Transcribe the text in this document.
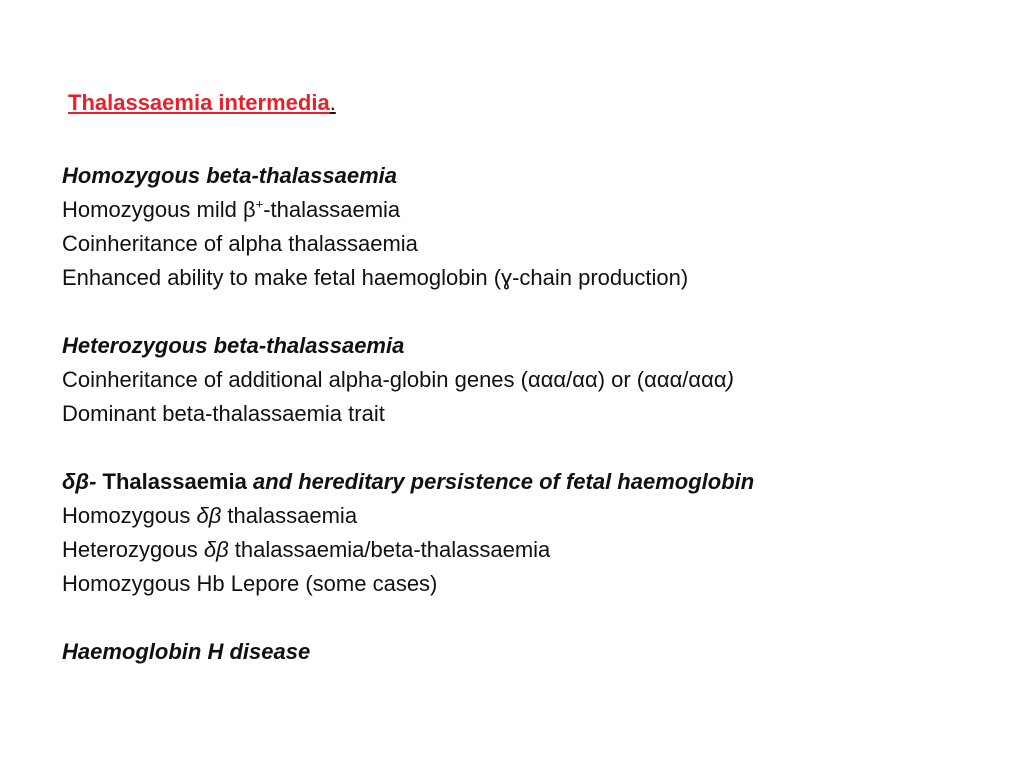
Thalassaemia intermedia.
Homozygous beta-thalassaemia
Homozygous mild β+-thalassaemia
Coinheritance of alpha thalassaemia
Enhanced ability to make fetal haemoglobin (ɣ-chain production)
Heterozygous beta-thalassaemia
Coinheritance of additional alpha-globin genes (ααα/αα) or (ααα/ααα)
Dominant beta-thalassaemia trait
δβ- Thalassaemia and hereditary persistence of fetal haemoglobin
Homozygous δβ thalassaemia
Heterozygous δβ thalassaemia/beta-thalassaemia
Homozygous Hb Lepore (some cases)
Haemoglobin H disease
